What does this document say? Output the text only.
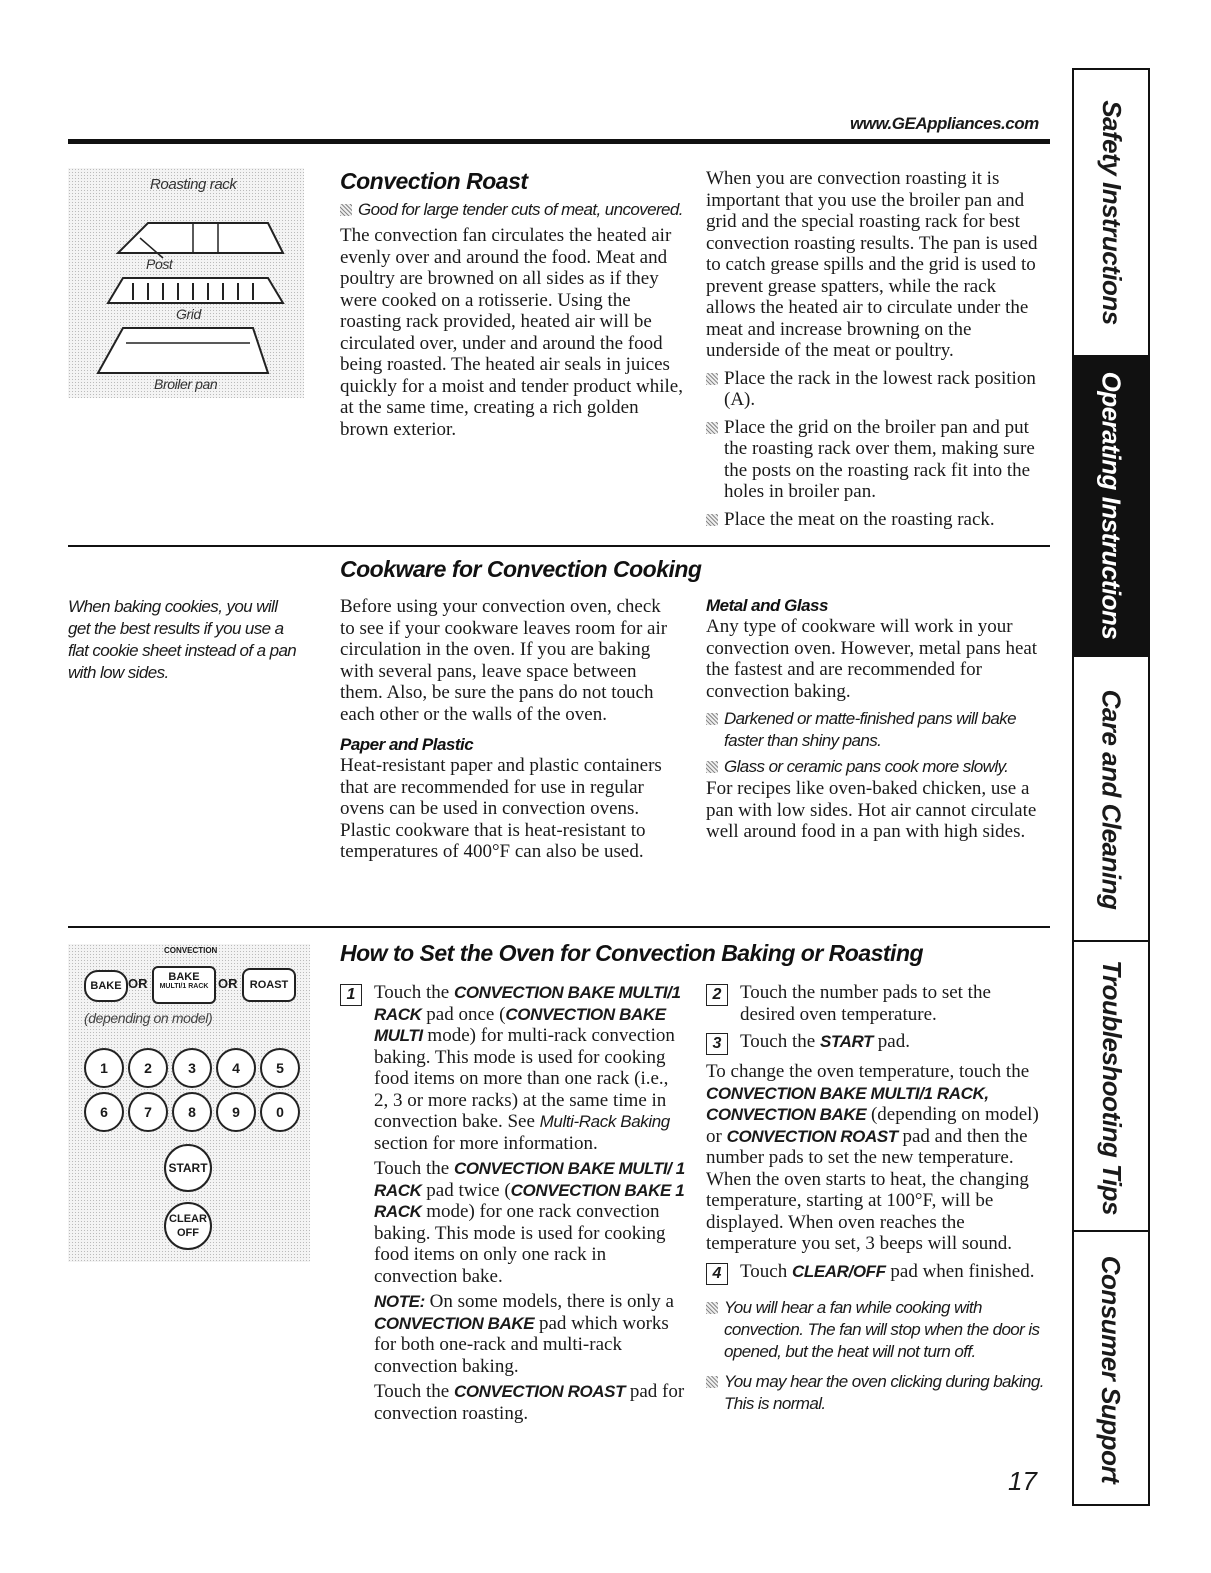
www.GEAppliances.com
Roasting rack
Post
Grid
Broiler pan
Convection Roast
Good for large tender cuts of meat, uncovered.

The convection fan circulates the heated air evenly over and around the food. Meat and poultry are browned on all sides as if they were cooked on a rotisserie. Using the roasting rack provided, heated air will be circulated over, under and around the food being roasted. The heated air seals in juices quickly for a moist and tender product while, at the same time, creating a rich golden brown exterior.

When you are convection roasting it is important that you use the broiler pan and grid and the special roasting rack for best convection roasting results. The pan is used to catch grease spills and the grid is used to prevent grease spatters, while the rack allows the heated air to circulate under the meat and increase browning on the underside of the meat or poultry.

Place the rack in the lowest rack position (A).
Place the grid on the broiler pan and put the roasting rack over them, making sure the posts on the roasting rack fit into the holes in broiler pan.
Place the meat on the roasting rack.
Cookware for Convection Cooking
When baking cookies, you will get the best results if you use a flat cookie sheet instead of a pan with low sides.

Before using your convection oven, check to see if your cookware leaves room for air circulation in the oven. If you are baking with several pans, leave space between them. Also, be sure the pans do not touch each other or the walls of the oven.

Paper and Plastic

Heat-resistant paper and plastic containers that are recommended for use in regular ovens can be used in convection ovens. Plastic cookware that is heat-resistant to temperatures of 400°F can also be used.

Metal and Glass

Any type of cookware will work in your convection oven. However, metal pans heat the fastest and are recommended for convection baking.

Darkened or matte-finished pans will bake faster than shiny pans.
Glass or ceramic pans cook more slowly.

For recipes like oven-baked chicken, use a pan with low sides. Hot air cannot circulate well around food in a pan with high sides.

CONVECTION
BAKE OR	BAKE
MULTI/1 RACK OR	ROAST
(depending on model)
1	2	3	4	5
6	7	8	9	0
START
CLEAR
OFF
How to Set the Oven for Convection Baking or Roasting
1 Touch the CONVECTION BAKE MULTI/1 RACK pad once (CONVECTION BAKE MULTI mode) for multi-rack convection baking. This mode is used for cooking food items on more than one rack (i.e., 2, 3 or more racks) at the same time in convection bake. See Multi-Rack Baking section for more information.

Touch the CONVECTION BAKE MULTI/ 1 RACK pad twice (CONVECTION BAKE 1 RACK mode) for one rack convection baking. This mode is used for cooking food items on only one rack in convection bake.

NOTE: On some models, there is only a CONVECTION BAKE pad which works for both one-rack and multi-rack convection baking.

Touch the CONVECTION ROAST pad for convection roasting.

2 Touch the number pads to set the desired oven temperature.

3 Touch the START pad.

To change the oven temperature, touch the CONVECTION BAKE MULTI/1 RACK, CONVECTION BAKE (depending on model) or CONVECTION ROAST pad and then the number pads to set the new temperature.

When the oven starts to heat, the changing temperature, starting at 100°F, will be displayed. When oven reaches the temperature you set, 3 beeps will sound.

4 Touch CLEAR/OFF pad when finished.

You will hear a fan while cooking with convection. The fan will stop when the door is opened, but the heat will not turn off.
You may hear the oven clicking during baking. This is normal.
17
Safety Instructions
Operating Instructions
Care and Cleaning
Troubleshooting Tips
Consumer Support
